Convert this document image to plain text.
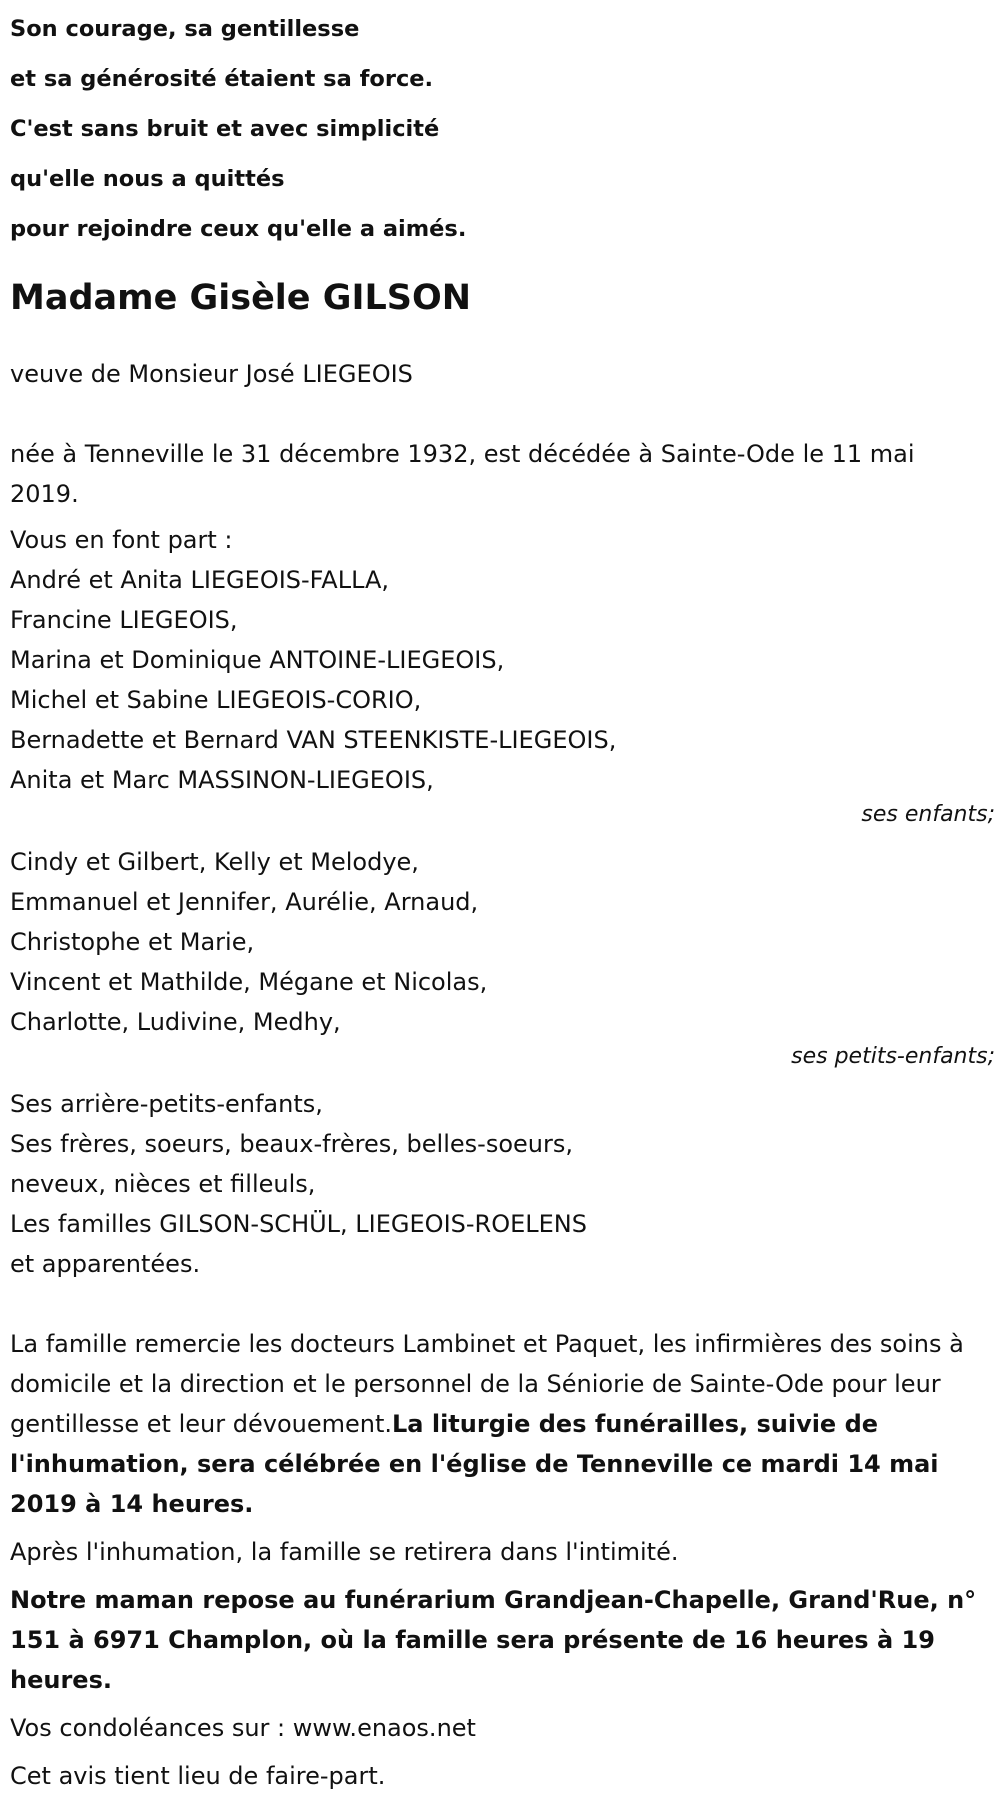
Son courage, sa gentillesse
et sa générosité étaient sa force.
C'est sans bruit et avec simplicité
qu'elle nous a quittés
pour rejoindre ceux qu'elle a aimés.
Madame Gisèle GILSON

veuve de Monsieur José LIEGEOIS

née à Tenneville le 31 décembre 1932, est décédée à Sainte-Ode le 11 mai 2019.

Vous en font part :

André et Anita LIEGEOIS-FALLA,
Francine LIEGEOIS,
Marina et Dominique ANTOINE-LIEGEOIS,
Michel et Sabine LIEGEOIS-CORIO,
Bernadette et Bernard VAN STEENKISTE-LIEGEOIS,
Anita et Marc MASSINON-LIEGEOIS,
ses enfants;
Cindy et Gilbert, Kelly et Melodye,
Emmanuel et Jennifer, Aurélie, Arnaud,
Christophe et Marie,
Vincent et Mathilde, Mégane et Nicolas,
Charlotte, Ludivine, Medhy,
ses petits-enfants;
Ses arrière-petits-enfants,
Ses frères, soeurs, beaux-frères, belles-soeurs,
neveux, nièces et filleuls,
Les familles GILSON-SCHÜL, LIEGEOIS-ROELENS
et apparentées.

La famille remercie les docteurs Lambinet et Paquet, les infirmières des soins à domicile et la direction et le personnel de la Séniorie de Sainte-Ode pour leur gentillesse et leur dévouement.La liturgie des funérailles, suivie de l'inhumation, sera célébrée en l'église de Tenneville ce mardi 14 mai 2019 à 14 heures.

Après l'inhumation, la famille se retirera dans l'intimité.

Notre maman repose au funérarium Grandjean-Chapelle, Grand'Rue, n° 151 à 6971 Champlon, où la famille sera présente de 16 heures à 19 heures.

Vos condoléances sur : www.enaos.net

Cet avis tient lieu de faire-part.
